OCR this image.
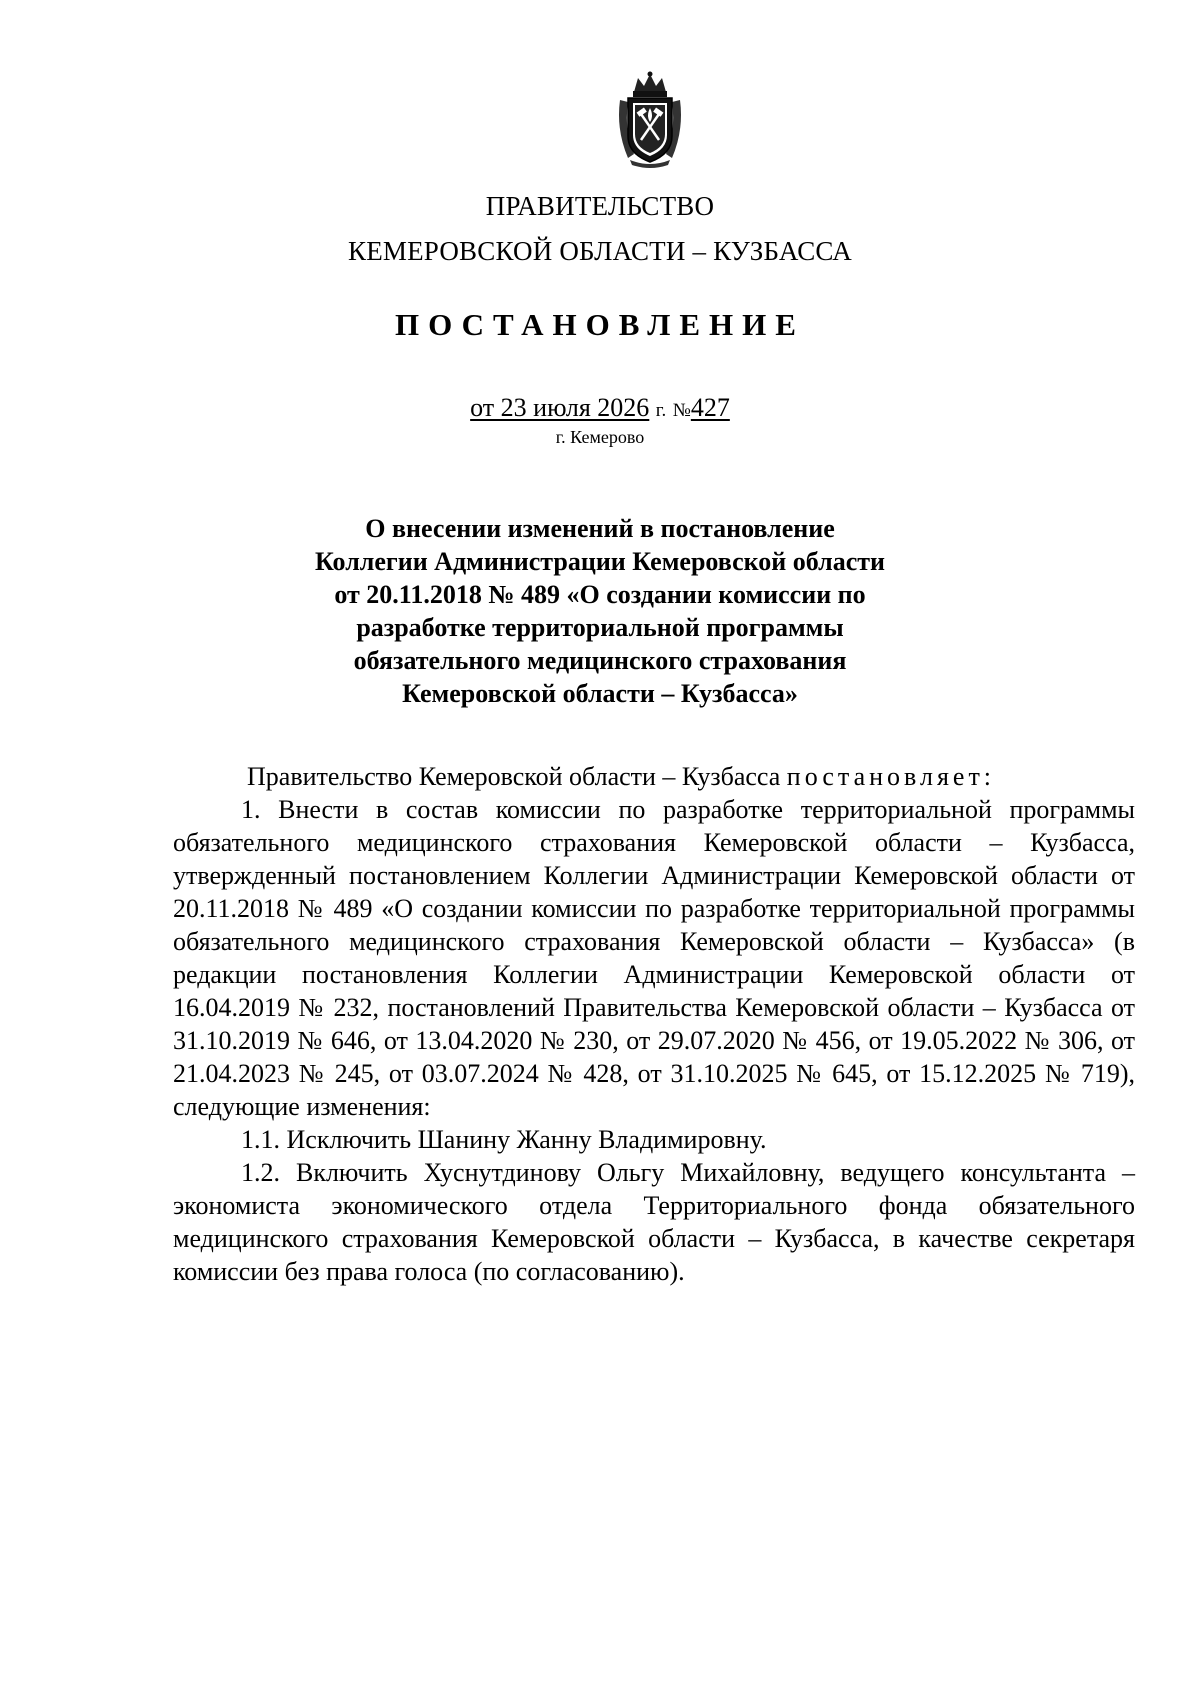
ПРАВИТЕЛЬСТВО
КЕМЕРОВСКОЙ ОБЛАСТИ – КУЗБАССА
ПОСТАНОВЛЕНИЕ
от 23 июля 2026 г. №427
г. Кемерово
О внесении изменений в постановление
Коллегии Администрации Кемеровской области
от 20.11.2018 № 489 «О создании комиссии по
разработке территориальной программы
обязательного медицинского страхования
Кемеровской области – Кузбасса»

Правительство Кемеровской области – Кузбасса постановляет:

1. Внести в состав комиссии по разработке территориальной программы обязательного медицинского страхования Кемеровской области – Кузбасса, утвержденный постановлением Коллегии Администрации Кемеровской области от 20.11.2018 № 489 «О создании комиссии по разработке территориальной программы обязательного медицинского страхования Кемеровской области – Кузбасса» (в редакции постановления Коллегии Администрации Кемеровской области от 16.04.2019 № 232, постановлений Правительства Кемеровской области – Кузбасса от 31.10.2019 № 646, от 13.04.2020 № 230, от 29.07.2020 № 456, от 19.05.2022 № 306, от 21.04.2023 № 245, от 03.07.2024 № 428, от 31.10.2025 № 645, от 15.12.2025 № 719), следующие изменения:

1.1. Исключить Шанину Жанну Владимировну.

1.2. Включить Хуснутдинову Ольгу Михайловну, ведущего консультанта – экономиста экономического отдела Территориального фонда обязательного медицинского страхования Кемеровской области – Кузбасса, в качестве секретаря комиссии без права голоса (по согласованию).
